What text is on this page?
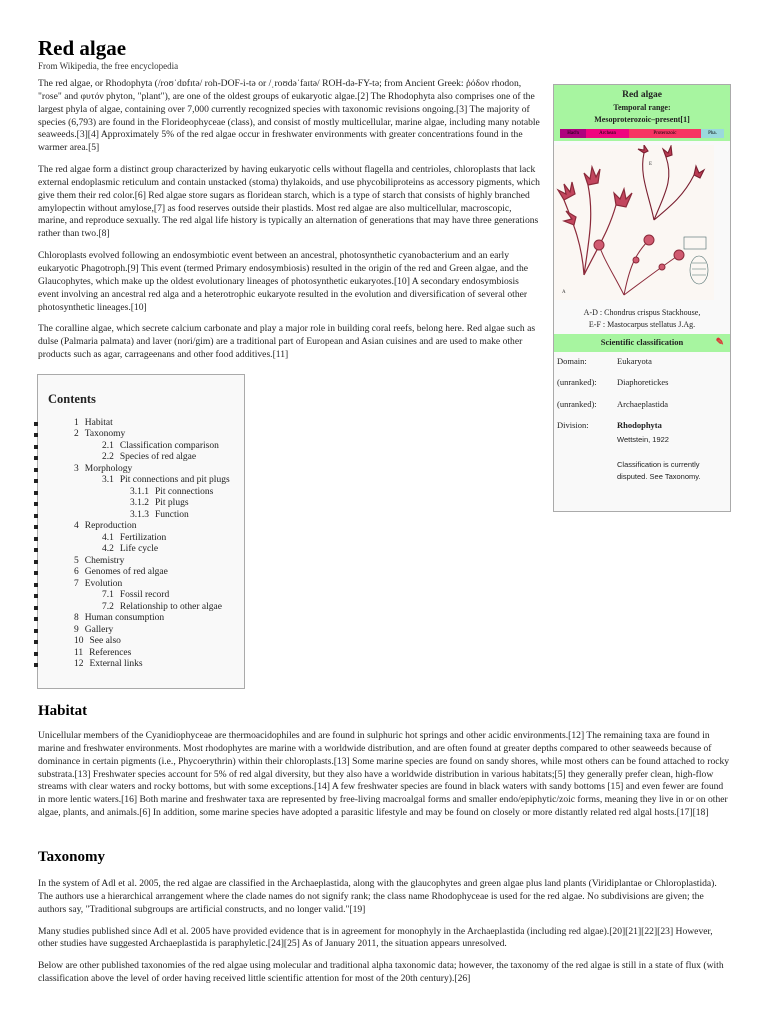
Red algae
From Wikipedia, the free encyclopedia

The red algae, or Rhodophyta (/roʊˈdɒfɪtə/ roh-DOF-i-tə or /ˌroʊdəˈfaɪtə/ ROH-də-FY-tə; from Ancient Greek: ῥόδον rhodon, "rose" and φυτόν phyton, "plant"), are one of the oldest groups of eukaryotic algae.[2] The Rhodophyta also comprises one of the largest phyla of algae, containing over 7,000 currently recognized species with taxonomic revisions ongoing.[3] The majority of species (6,793) are found in the Florideophyceae (class), and consist of mostly multicellular, marine algae, including many notable seaweeds.[3][4] Approximately 5% of the red algae occur in freshwater environments with greater concentrations found in the warmer area.[5]

The red algae form a distinct group characterized by having eukaryotic cells without flagella and centrioles, chloroplasts that lack external endoplasmic reticulum and contain unstacked (stoma) thylakoids, and use phycobiliproteins as accessory pigments, which give them their red color.[6] Red algae store sugars as floridean starch, which is a type of starch that consists of highly branched amylopectin without amylose,[7] as food reserves outside their plastids. Most red algae are also multicellular, macroscopic, marine, and reproduce sexually. The red algal life history is typically an alternation of generations that may have three generations rather than two.[8]

Chloroplasts evolved following an endosymbiotic event between an ancestral, photosynthetic cyanobacterium and an early eukaryotic Phagotroph.[9] This event (termed Primary endosymbiosis) resulted in the origin of the red and Green algae, and the Glaucophytes, which make up the oldest evolutionary lineages of photosynthetic eukaryotes.[10] A secondary endosymbiosis event involving an ancestral red alga and a heterotrophic eukaryote resulted in the evolution and diversification of several other photosynthetic lineages.[10]

The coralline algae, which secrete calcium carbonate and play a major role in building coral reefs, belong here. Red algae such as dulse (Palmaria palmata) and laver (nori/gim) are a traditional part of European and Asian cuisines and are used to make other products such as agar, carrageenans and other food additives.[11]

Red algae
Temporal range:
Mesoproterozoic–present[1]
Had'n	Archean	Proterozoic	Pha.
A
E
A-D : Chondrus crispus Stackhouse,
E-F : Mastocarpus stellatus J.Ag.
Scientific classification	✎
Domain:	Eukaryota
(unranked):	Diaphoretickes
(unranked):	Archaeplastida
Division:	Rhodophyta
Wettstein, 1922
Classification is currently disputed. See Taxonomy.
Contents
1 Habitat
2 Taxonomy
2.1 Classification comparison
2.2 Species of red algae
3 Morphology
3.1 Pit connections and pit plugs
3.1.1 Pit connections
3.1.2 Pit plugs
3.1.3 Function
4 Reproduction
4.1 Fertilization
4.2 Life cycle
5 Chemistry
6 Genomes of red algae
7 Evolution
7.1 Fossil record
7.2 Relationship to other algae
8 Human consumption
9 Gallery
10 See also
11 References
12 External links
Habitat

Unicellular members of the Cyanidiophyceae are thermoacidophiles and are found in sulphuric hot springs and other acidic environments.[12] The remaining taxa are found in marine and freshwater environments. Most rhodophytes are marine with a worldwide distribution, and are often found at greater depths compared to other seaweeds because of dominance in certain pigments (i.e., Phycoerythrin) within their chloroplasts.[13] Some marine species are found on sandy shores, while most others can be found attached to rocky substrata.[13] Freshwater species account for 5% of red algal diversity, but they also have a worldwide distribution in various habitats;[5] they generally prefer clean, high-flow streams with clear waters and rocky bottoms, but with some exceptions.[14] A few freshwater species are found in black waters with sandy bottoms [15] and even fewer are found in more lentic waters.[16] Both marine and freshwater taxa are represented by free-living macroalgal forms and smaller endo/epiphytic/zoic forms, meaning they live in or on other algae, plants, and animals.[6] In addition, some marine species have adopted a parasitic lifestyle and may be found on closely or more distantly related red algal hosts.[17][18]

Taxonomy

In the system of Adl et al. 2005, the red algae are classified in the Archaeplastida, along with the glaucophytes and green algae plus land plants (Viridiplantae or Chloroplastida). The authors use a hierarchical arrangement where the clade names do not signify rank; the class name Rhodophyceae is used for the red algae. No subdivisions are given; the authors say, "Traditional subgroups are artificial constructs, and no longer valid."[19]

Many studies published since Adl et al. 2005 have provided evidence that is in agreement for monophyly in the Archaeplastida (including red algae).[20][21][22][23] However, other studies have suggested Archaeplastida is paraphyletic.[24][25] As of January 2011, the situation appears unresolved.

Below are other published taxonomies of the red algae using molecular and traditional alpha taxonomic data; however, the taxonomy of the red algae is still in a state of flux (with classification above the level of order having received little scientific attention for most of the 20th century).[26]
